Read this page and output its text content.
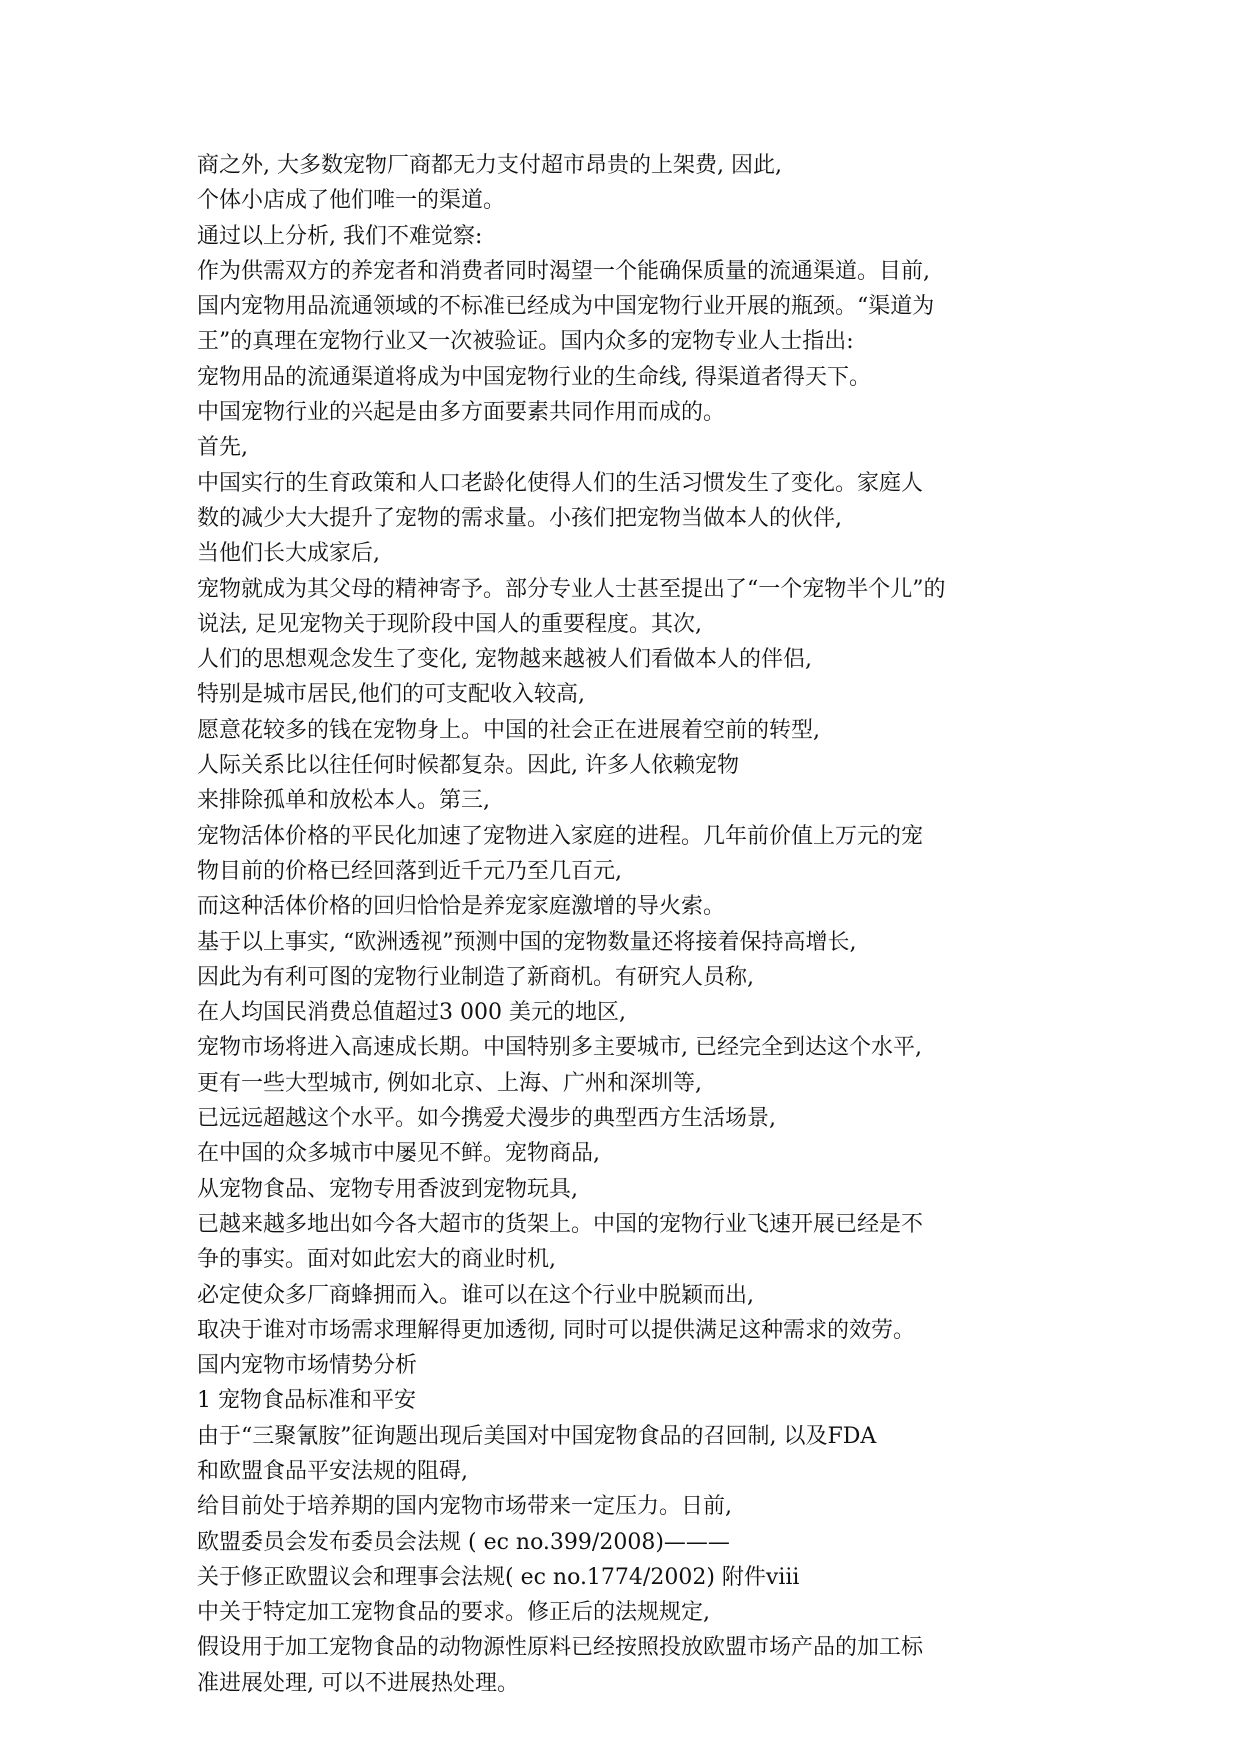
商之外, 大多数宠物厂商都无力支付超市昂贵的上架费, 因此,
个体小店成了他们唯一的渠道。
通过以上分析, 我们不难觉察:
作为供需双方的养宠者和消费者同时渴望一个能确保质量的流通渠道。目前,
国内宠物用品流通领域的不标准已经成为中国宠物行业开展的瓶颈。“渠道为
王”的真理在宠物行业又一次被验证。国内众多的宠物专业人士指出:
宠物用品的流通渠道将成为中国宠物行业的生命线, 得渠道者得天下。
中国宠物行业的兴起是由多方面要素共同作用而成的。
首先,
中国实行的生育政策和人口老龄化使得人们的生活习惯发生了变化。家庭人
数的减少大大提升了宠物的需求量。小孩们把宠物当做本人的伙伴,
当他们长大成家后,
宠物就成为其父母的精神寄予。部分专业人士甚至提出了“一个宠物半个儿”的
说法, 足见宠物关于现阶段中国人的重要程度。其次,
人们的思想观念发生了变化, 宠物越来越被人们看做本人的伴侣,
特别是城市居民,他们的可支配收入较高,
愿意花较多的钱在宠物身上。中国的社会正在进展着空前的转型,
人际关系比以往任何时候都复杂。因此, 许多人依赖宠物
来排除孤单和放松本人。第三,
宠物活体价格的平民化加速了宠物进入家庭的进程。几年前价值上万元的宠
物目前的价格已经回落到近千元乃至几百元,
而这种活体价格的回归恰恰是养宠家庭激增的导火索。
基于以上事实, “欧洲透视”预测中国的宠物数量还将接着保持高增长,
因此为有利可图的宠物行业制造了新商机。有研究人员称,
在人均国民消费总值超过3 000 美元的地区,
宠物市场将进入高速成长期。中国特别多主要城市, 已经完全到达这个水平,
更有一些大型城市, 例如北京、上海、广州和深圳等,
已远远超越这个水平。如今携爱犬漫步的典型西方生活场景,
在中国的众多城市中屡见不鲜。宠物商品,
从宠物食品、宠物专用香波到宠物玩具,
已越来越多地出如今各大超市的货架上。中国的宠物行业飞速开展已经是不
争的事实。面对如此宏大的商业时机,
必定使众多厂商蜂拥而入。谁可以在这个行业中脱颖而出,
取决于谁对市场需求理解得更加透彻, 同时可以提供满足这种需求的效劳。
国内宠物市场情势分析
1 宠物食品标准和平安
由于“三聚氰胺”征询题出现后美国对中国宠物食品的召回制, 以及FDA
和欧盟食品平安法规的阻碍,
给目前处于培养期的国内宠物市场带来一定压力。日前,
欧盟委员会发布委员会法规 ( ec no.399/2008)———
关于修正欧盟议会和理事会法规( ec no.1774/2002) 附件viii
中关于特定加工宠物食品的要求。修正后的法规规定,
假设用于加工宠物食品的动物源性原料已经按照投放欧盟市场产品的加工标
准进展处理, 可以不进展热处理。
